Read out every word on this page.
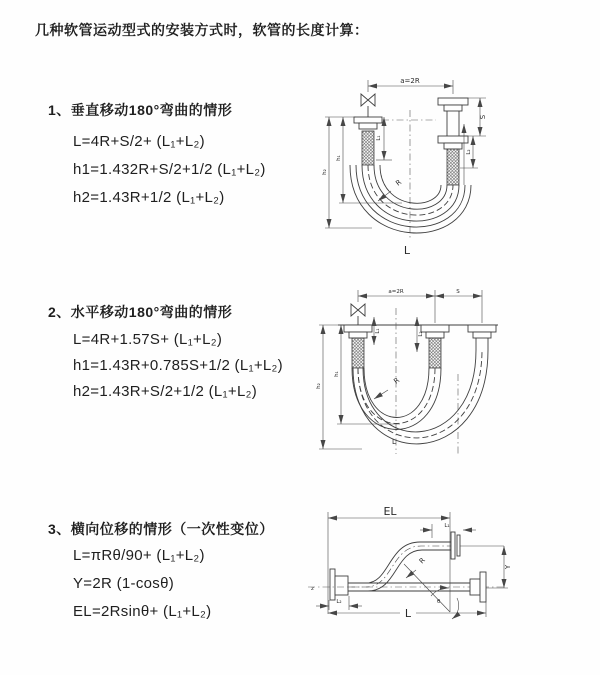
几种软管运动型式的安装方式时，软管的长度计算：
1、垂直移动180°弯曲的情形
L=4R+S/2+ (L₁+L₂)
h1=1.432R+S/2+1/2 (L₁+L₂)
h2=1.43R+1/2 (L₁+L₂)
2、水平移动180°弯曲的情形
L=4R+1.57S+ (L₁+L₂)
h1=1.43R+0.785S+1/2 (L₁+L₂)
h2=1.43R+S/2+1/2 (L₁+L₂)
3、横向位移的情形（一次性变位）
L=πRθ/90+ (L₁+L₂)
Y=2R (1-cosθ)
EL=2Rsinθ+ (L₁+L₂)
a=2R
L₁
S
L₂
h₁
h₂
R
L
a=2R	S
L₁
L₂
h₁
h₂
R
L
EL
L₁
Y
z
R
θ
L₂
L
